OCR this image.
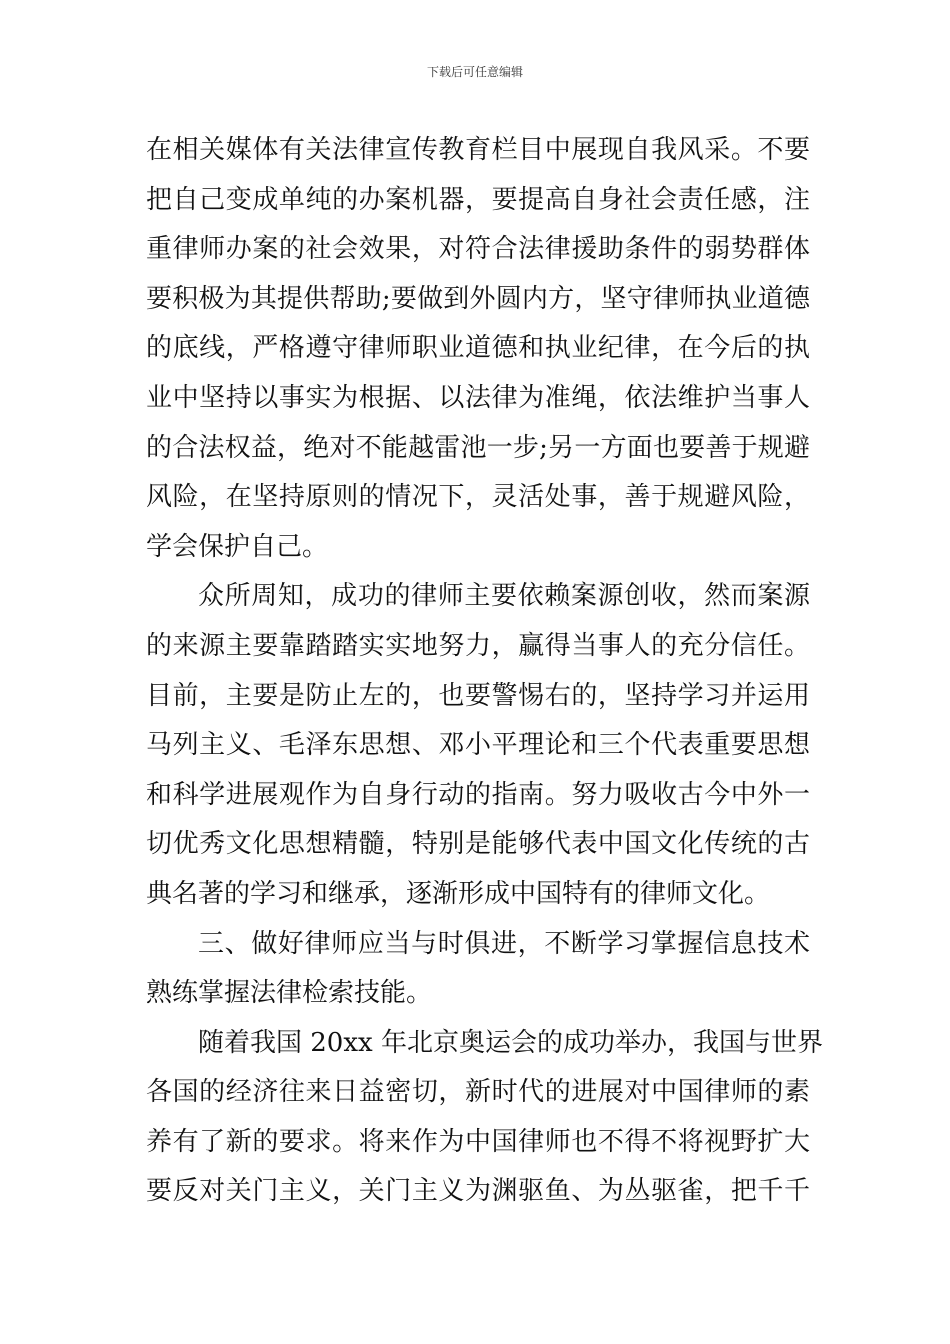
下载后可任意编辑
在相关媒体有关法律宣传教育栏目中展现自我风采。不要
把自己变成单纯的办案机器，要提高自身社会责任感，注
重律师办案的社会效果，对符合法律援助条件的弱势群体
要积极为其提供帮助;要做到外圆内方，坚守律师执业道德
的底线，严格遵守律师职业道德和执业纪律，在今后的执
业中坚持以事实为根据、以法律为准绳，依法维护当事人
的合法权益，绝对不能越雷池一步;另一方面也要善于规避
风险，在坚持原则的情况下，灵活处事，善于规避风险，
学会保护自己。
众所周知，成功的律师主要依赖案源创收，然而案源
的来源主要靠踏踏实实地努力，赢得当事人的充分信任。
目前，主要是防止左的，也要警惕右的，坚持学习并运用
马列主义、毛泽东思想、邓小平理论和三个代表重要思想
和科学进展观作为自身行动的指南。努力吸收古今中外一
切优秀文化思想精髓，特别是能够代表中国文化传统的古
典名著的学习和继承，逐渐形成中国特有的律师文化。
三、做好律师应当与时俱进，不断学习掌握信息技术
熟练掌握法律检索技能。
随着我国 20xx 年北京奥运会的成功举办，我国与世界
各国的经济往来日益密切，新时代的进展对中国律师的素
养有了新的要求。将来作为中国律师也不得不将视野扩大
要反对关门主义，关门主义为渊驱鱼、为丛驱雀，把千千
